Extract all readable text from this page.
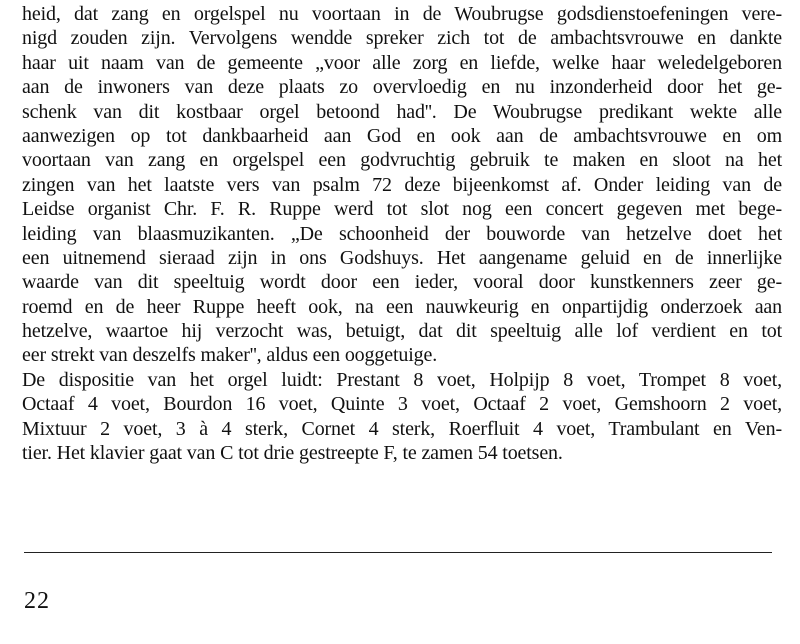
heid, dat zang en orgelspel nu voortaan in de Woubrugse godsdienstoefeningen vere-
nigd zouden zijn. Vervolgens wendde spreker zich tot de ambachtsvrouwe en dankte
haar uit naam van de gemeente „voor alle zorg en liefde, welke haar weledelgeboren
aan de inwoners van deze plaats zo overvloedig en nu inzonderheid door het ge-
schenk van dit kostbaar orgel betoond had''. De Woubrugse predikant wekte alle
aanwezigen op tot dankbaarheid aan God en ook aan de ambachtsvrouwe en om
voortaan van zang en orgelspel een godvruchtig gebruik te maken en sloot na het
zingen van het laatste vers van psalm 72 deze bijeenkomst af. Onder leiding van de
Leidse organist Chr. F. R. Ruppe werd tot slot nog een concert gegeven met bege-
leiding van blaasmuzikanten. „De schoonheid der bouworde van hetzelve doet het
een uitnemend sieraad zijn in ons Godshuys. Het aangename geluid en de innerlijke
waarde van dit speeltuig wordt door een ieder, vooral door kunstkenners zeer ge-
roemd en de heer Ruppe heeft ook, na een nauwkeurig en onpartijdig onderzoek aan
hetzelve, waartoe hij verzocht was, betuigt, dat dit speeltuig alle lof verdient en tot
eer strekt van deszelfs maker'', aldus een ooggetuige.
De dispositie van het orgel luidt: Prestant 8 voet, Holpijp 8 voet, Trompet 8 voet,
Octaaf 4 voet, Bourdon 16 voet, Quinte 3 voet, Octaaf 2 voet, Gemshoorn 2 voet,
Mixtuur 2 voet, 3 à 4 sterk, Cornet 4 sterk, Roerfluit 4 voet, Trambulant en Ven-
tier. Het klavier gaat van C tot drie gestreepte F, te zamen 54 toetsen.
22
